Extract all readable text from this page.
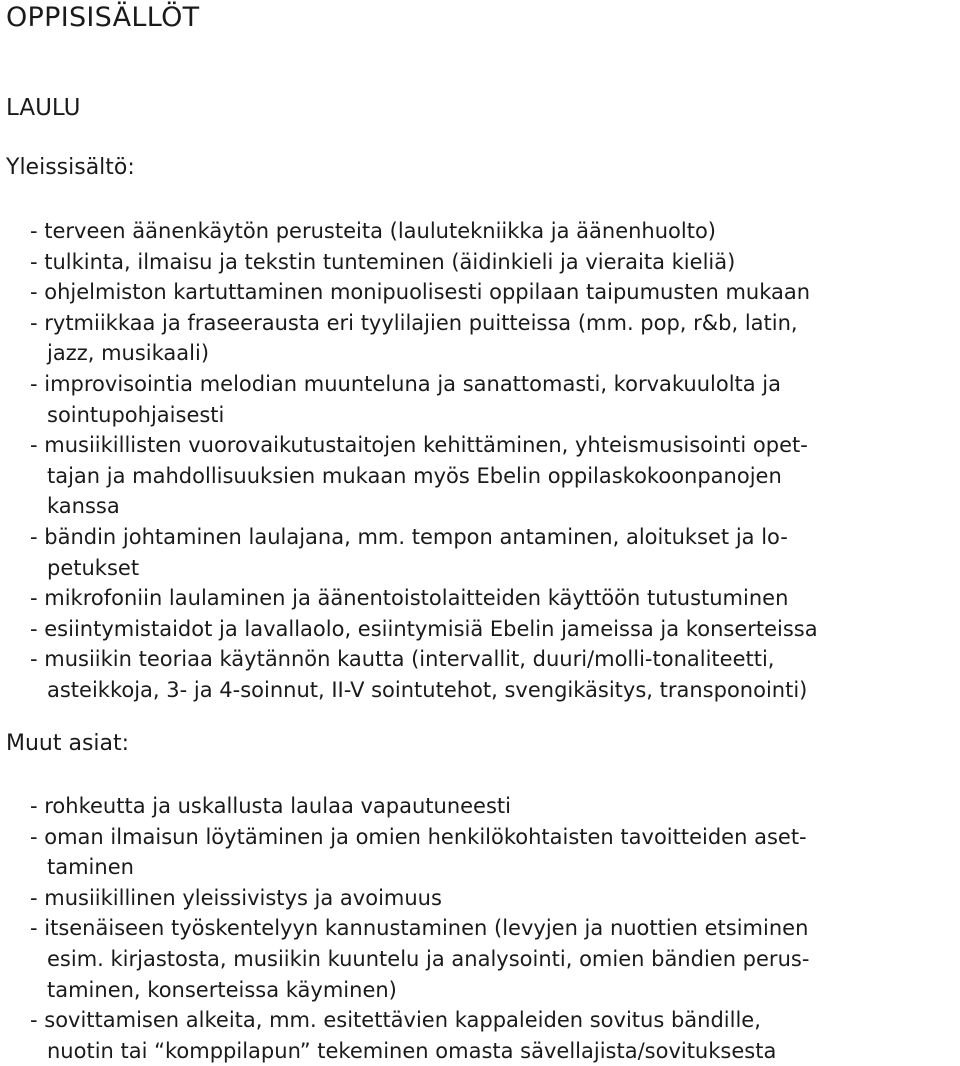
OPPISISÄLLÖT
LAULU
Yleissisältö:
- terveen äänenkäytön perusteita (laulutekniikka ja äänenhuolto)
- tulkinta, ilmaisu ja tekstin tunteminen (äidinkieli ja vieraita kieliä)
- ohjelmiston kartuttaminen monipuolisesti oppilaan taipumusten mukaan
- rytmiikkaa ja fraseerausta eri tyylilajien puitteissa (mm. pop, r&b, latin,
jazz, musikaali)
- improvisointia melodian muunteluna ja sanattomasti, korvakuulolta ja
sointupohjaisesti
- musiikillisten vuorovaikutustaitojen kehittäminen, yhteismusisointi opet-
tajan ja mahdollisuuksien mukaan myös Ebelin oppilaskokoonpanojen
kanssa
- bändin johtaminen laulajana, mm. tempon antaminen, aloitukset ja lo-
petukset
- mikrofoniin laulaminen ja äänentoistolaitteiden käyttöön tutustuminen
- esiintymistaidot ja lavallaolo, esiintymisiä Ebelin jameissa ja konserteissa
- musiikin teoriaa käytännön kautta (intervallit, duuri/molli-tonaliteetti,
asteikkoja, 3- ja 4-soinnut, II-V sointutehot, svengikäsitys, transponointi)
Muut asiat:
- rohkeutta ja uskallusta laulaa vapautuneesti
- oman ilmaisun löytäminen ja omien henkilökohtaisten tavoitteiden aset-
taminen
- musiikillinen yleissivistys ja avoimuus
- itsenäiseen työskentelyyn kannustaminen (levyjen ja nuottien etsiminen
esim. kirjastosta, musiikin kuuntelu ja analysointi, omien bändien perus-
taminen, konserteissa käyminen)
- sovittamisen alkeita, mm. esitettävien kappaleiden sovitus bändille,
nuotin tai “komppilapun” tekeminen omasta sävellajista/sovituksesta
